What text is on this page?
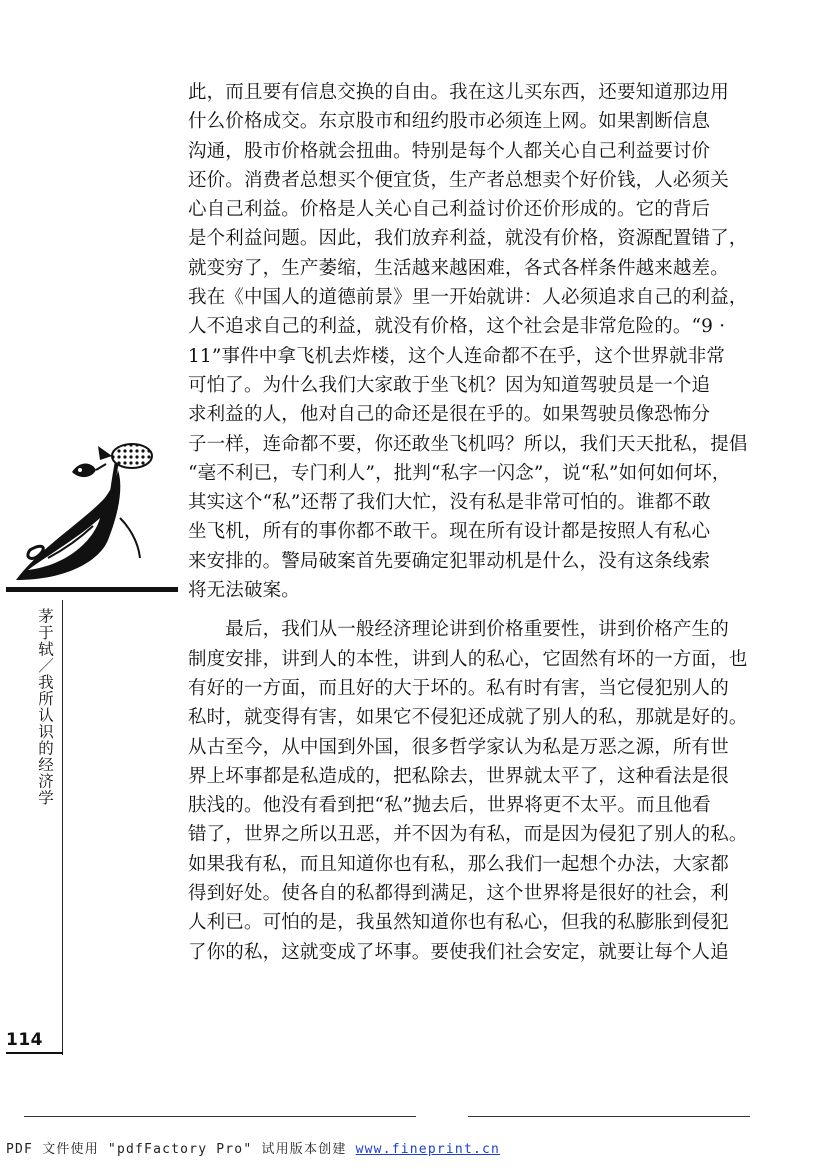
此，而且要有信息交换的自由。我在这儿买东西，还要知道那边用
什么价格成交。东京股市和纽约股市必须连上网。如果割断信息
沟通，股市价格就会扭曲。特别是每个人都关心自己利益要讨价
还价。消费者总想买个便宜货，生产者总想卖个好价钱，人必须关
心自己利益。价格是人关心自己利益讨价还价形成的。它的背后
是个利益问题。因此，我们放弃利益，就没有价格，资源配置错了，
就变穷了，生产萎缩，生活越来越困难，各式各样条件越来越差。
我在《中国人的道德前景》里一开始就讲：人必须追求自己的利益，
人不追求自己的利益，就没有价格，这个社会是非常危险的。“9 ·
11”事件中拿飞机去炸楼，这个人连命都不在乎，这个世界就非常
可怕了。为什么我们大家敢于坐飞机？因为知道驾驶员是一个追
求利益的人，他对自己的命还是很在乎的。如果驾驶员像恐怖分
子一样，连命都不要，你还敢坐飞机吗？所以，我们天天批私，提倡
“毫不利已，专门利人”，批判“私字一闪念”，说“私”如何如何坏，
其实这个“私”还帮了我们大忙，没有私是非常可怕的。谁都不敢
坐飞机，所有的事你都不敢干。现在所有设计都是按照人有私心
来安排的。警局破案首先要确定犯罪动机是什么，没有这条线索
将无法破案。
　　最后，我们从一般经济理论讲到价格重要性，讲到价格产生的
制度安排，讲到人的本性，讲到人的私心，它固然有坏的一方面，也
有好的一方面，而且好的大于坏的。私有时有害，当它侵犯别人的
私时，就变得有害，如果它不侵犯还成就了别人的私，那就是好的。
从古至今，从中国到外国，很多哲学家认为私是万恶之源，所有世
界上坏事都是私造成的，把私除去，世界就太平了，这种看法是很
肤浅的。他没有看到把“私”抛去后，世界将更不太平。而且他看
错了，世界之所以丑恶，并不因为有私，而是因为侵犯了别人的私。
如果我有私，而且知道你也有私，那么我们一起想个办法，大家都
得到好处。使各自的私都得到满足，这个世界将是很好的社会，利
人利已。可怕的是，我虽然知道你也有私心，但我的私膨胀到侵犯
了你的私，这就变成了坏事。要使我们社会安定，就要让每个人追
茅于轼／我所认识的经济学
114
PDF 文件使用 "pdfFactory Pro" 试用版本创建 www.fineprint.cn
